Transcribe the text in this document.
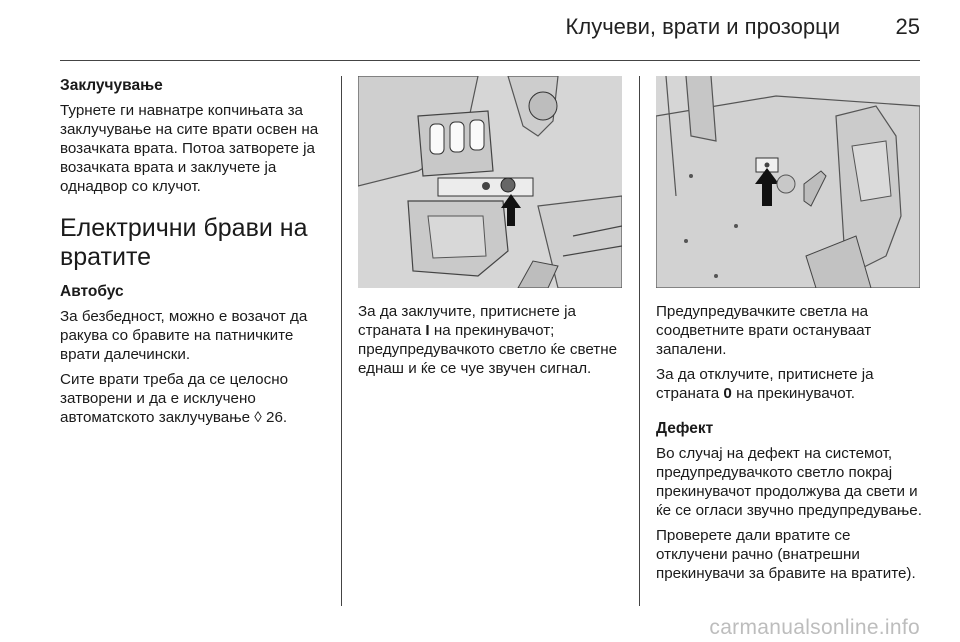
Клучеви, врати и прозорци	25

Заклучување

Турнете ги навнатре копчињата за заклучување на сите врати освен на возачката врата. Потоа затворете ја возачката врата и заклучете ја однадвор со клучот.

Електрични брави на вратите

Автобус

За безбедност, можно е возачот да ракува со бравите на патничките врати далечински.

Сите врати треба да се целосно затворени и да е исклучено автоматското заклучување ◊ 26.

За да заклучите, притиснете ја страната I на прекинувачот; предупредувачкото светло ќе светне еднаш и ќе се чуе звучен сигнал.

Предупредувачките светла на соодветните врати остануваат запалени.

За да отклучите, притиснете ја страната 0 на прекинувачот.

Дефект

Во случај на дефект на системот, предупредувачкото светло покрај прекинувачот продолжува да свети и ќе се огласи звучно предупредување.

Проверете дали вратите се отклучени рачно (внатрешни прекинувачи за бравите на вратите).

carmanualsonline.info
